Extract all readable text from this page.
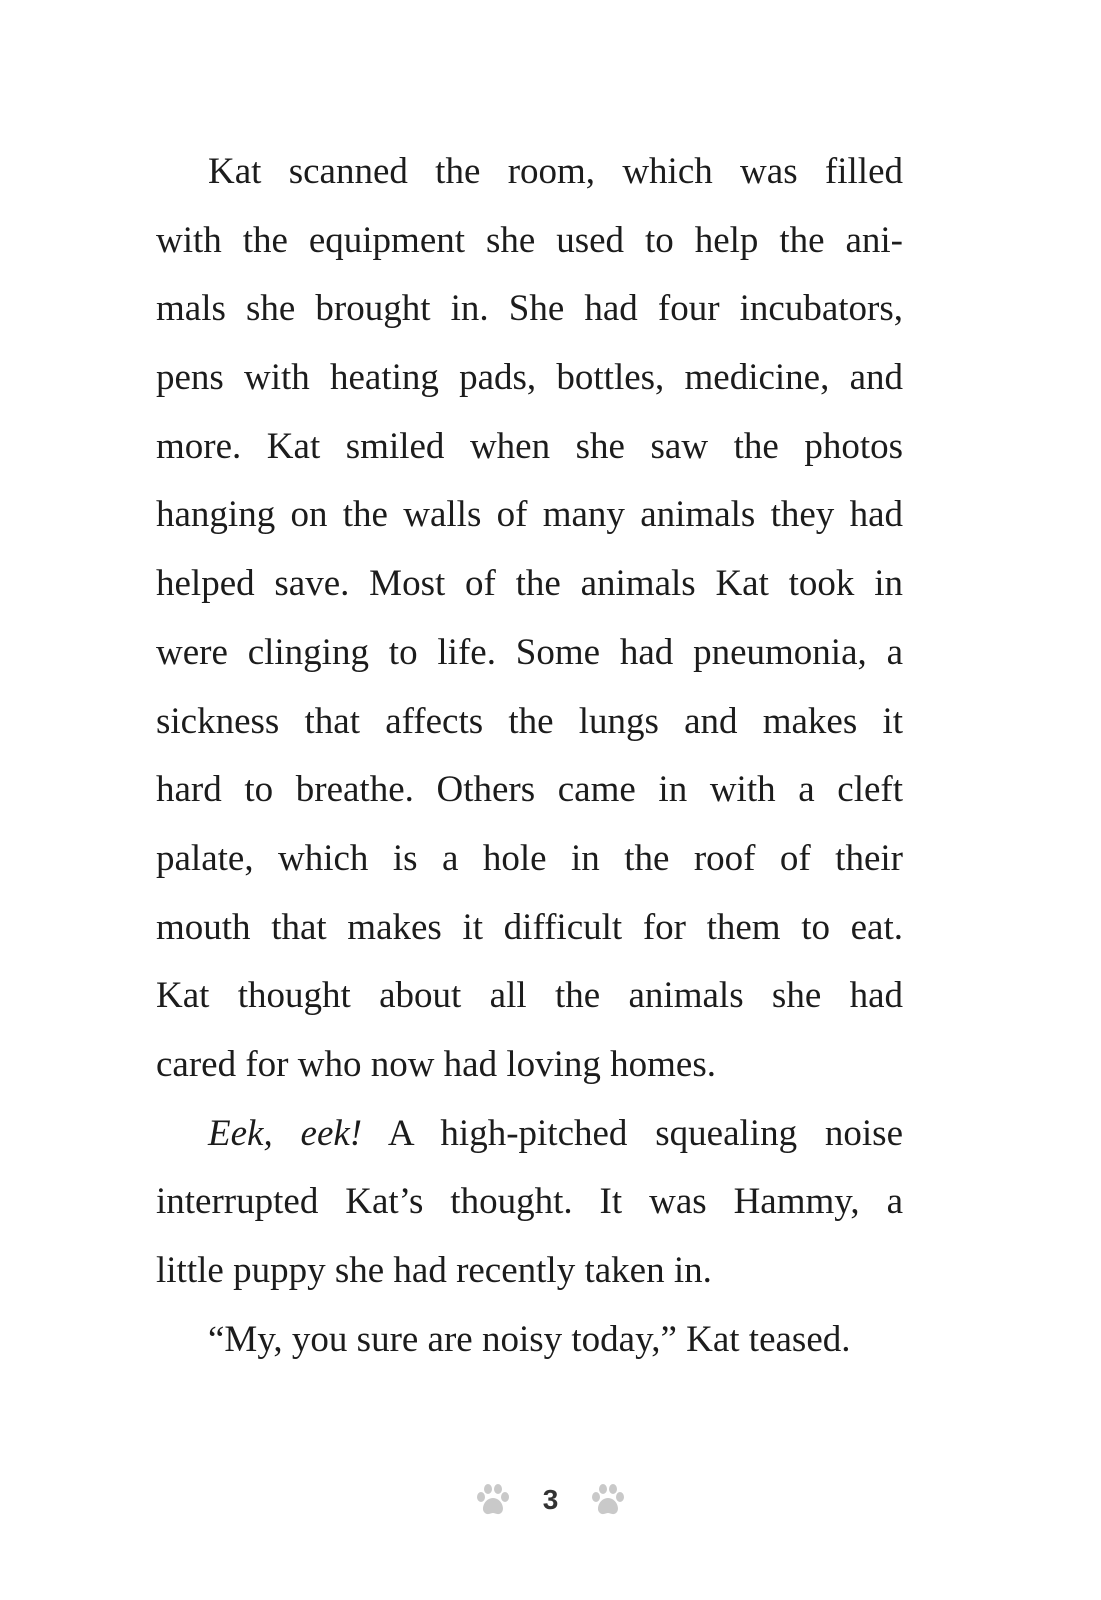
Kat scanned the room, which was filled
with the equipment she used to help the ani-
mals she brought in. She had four incubators,
pens with heating pads, bottles, medicine, and
more. Kat smiled when she saw the photos
hanging on the walls of many animals they had
helped save. Most of the animals Kat took in
were clinging to life. Some had pneumonia, a
sickness that affects the lungs and makes it
hard to breathe. Others came in with a cleft
palate, which is a hole in the roof of their
mouth that makes it difficult for them to eat.
Kat thought about all the animals she had
cared for who now had loving homes.
Eek, eek! A high-pitched squealing noise
interrupted Kat’s thought. It was Hammy, a
little puppy she had recently taken in.
“My, you sure are noisy today,” Kat teased.
3
